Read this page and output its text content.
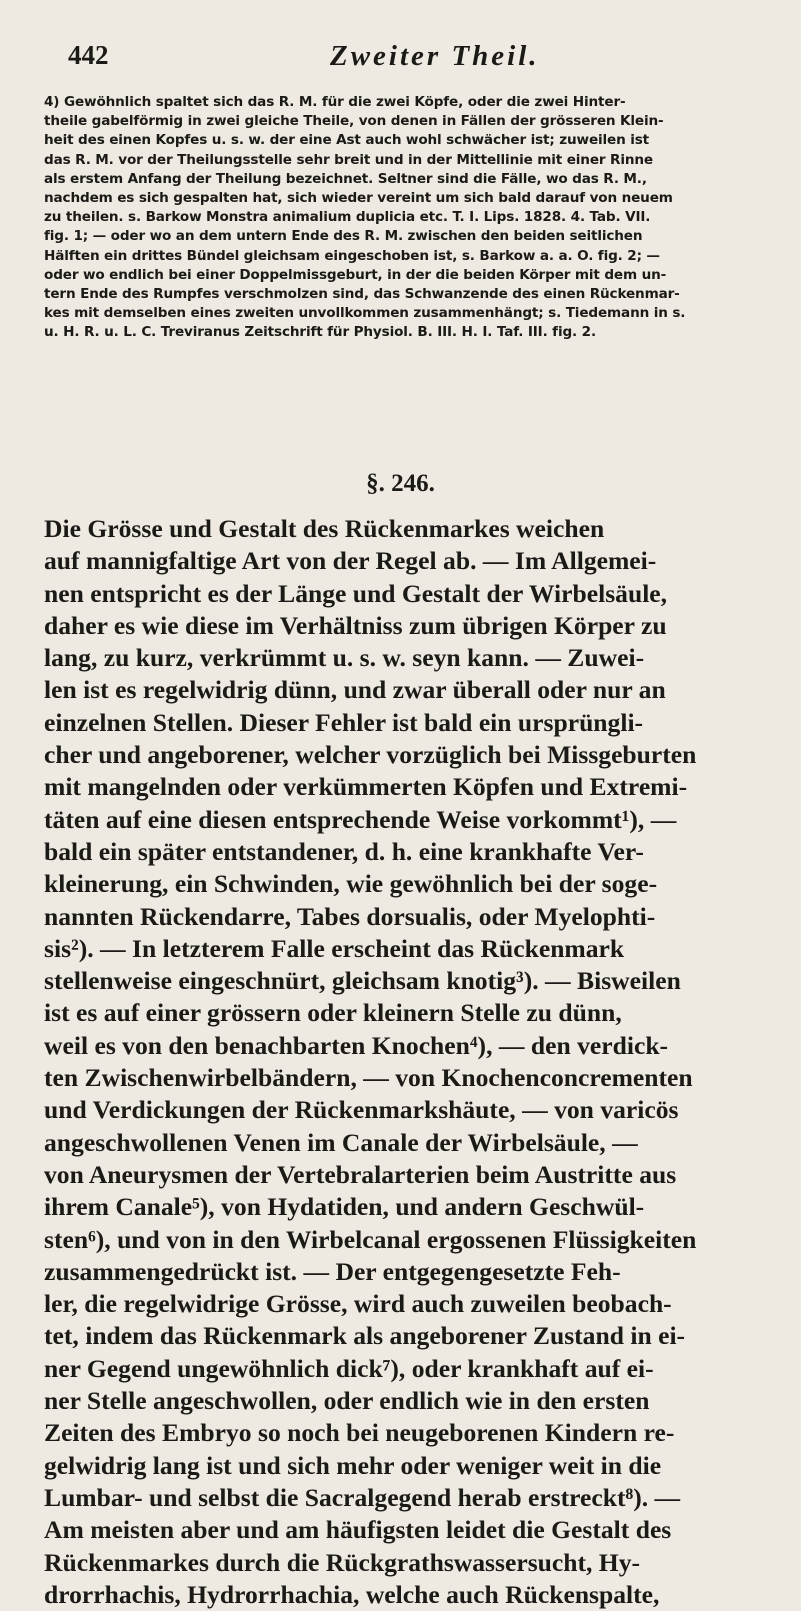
442	Zweiter Theil.
4) Gewöhnlich spaltet sich das R. M. für die zwei Köpfe, oder die zwei Hinter-
theile gabelförmig in zwei gleiche Theile, von denen in Fällen der grösseren Klein-
heit des einen Kopfes u. s. w. der eine Ast auch wohl schwächer ist; zuweilen ist
das R. M. vor der Theilungsstelle sehr breit und in der Mittellinie mit einer Rinne
als erstem Anfang der Theilung bezeichnet. Seltner sind die Fälle, wo das R. M.,
nachdem es sich gespalten hat, sich wieder vereint um sich bald darauf von neuem
zu theilen. s. Barkow Monstra animalium duplicia etc. T. I. Lips. 1828. 4. Tab. VII.
fig. 1; — oder wo an dem untern Ende des R. M. zwischen den beiden seitlichen
Hälften ein drittes Bündel gleichsam eingeschoben ist, s. Barkow a. a. O. fig. 2; —
oder wo endlich bei einer Doppelmissgeburt, in der die beiden Körper mit dem un-
tern Ende des Rumpfes verschmolzen sind, das Schwanzende des einen Rückenmar-
kes mit demselben eines zweiten unvollkommen zusammenhängt; s. Tiedemann in s.
u. H. R. u. L. C. Treviranus Zeitschrift für Physiol. B. III. H. I. Taf. III. fig. 2.
§. 246.
Die Grösse und Gestalt des Rückenmarkes weichen
auf mannigfaltige Art von der Regel ab. — Im Allgemei-
nen entspricht es der Länge und Gestalt der Wirbelsäule,
daher es wie diese im Verhältniss zum übrigen Körper zu
lang, zu kurz, verkrümmt u. s. w. seyn kann. — Zuwei-
len ist es regelwidrig dünn, und zwar überall oder nur an
einzelnen Stellen. Dieser Fehler ist bald ein ursprüngli-
cher und angeborener, welcher vorzüglich bei Missgeburten
mit mangelnden oder verkümmerten Köpfen und Extremi-
täten auf eine diesen entsprechende Weise vorkommt¹), —
bald ein später entstandener, d. h. eine krankhafte Ver-
kleinerung, ein Schwinden, wie gewöhnlich bei der soge-
nannten Rückendarre, Tabes dorsualis, oder Myelophti-
sis²). — In letzterem Falle erscheint das Rückenmark
stellenweise eingeschnürt, gleichsam knotig³). — Bisweilen
ist es auf einer grössern oder kleinern Stelle zu dünn,
weil es von den benachbarten Knochen⁴), — den verdick-
ten Zwischenwirbelbändern, — von Knochenconcrementen
und Verdickungen der Rückenmarkshäute, — von varicös
angeschwollenen Venen im Canale der Wirbelsäule, —
von Aneurysmen der Vertebralarterien beim Austritte aus
ihrem Canale⁵), von Hydatiden, und andern Geschwül-
sten⁶), und von in den Wirbelcanal ergossenen Flüssigkeiten
zusammengedrückt ist. — Der entgegengesetzte Feh-
ler, die regelwidrige Grösse, wird auch zuweilen beobach-
tet, indem das Rückenmark als angeborener Zustand in ei-
ner Gegend ungewöhnlich dick⁷), oder krankhaft auf ei-
ner Stelle angeschwollen, oder endlich wie in den ersten
Zeiten des Embryo so noch bei neugeborenen Kindern re-
gelwidrig lang ist und sich mehr oder weniger weit in die
Lumbar- und selbst die Sacralgegend herab erstreckt⁸). —
Am meisten aber und am häufigsten leidet die Gestalt des
Rückenmarkes durch die Rückgrathswassersucht, Hy-
drorrhachis, Hydrorrhachia, welche auch Rückenspalte,
